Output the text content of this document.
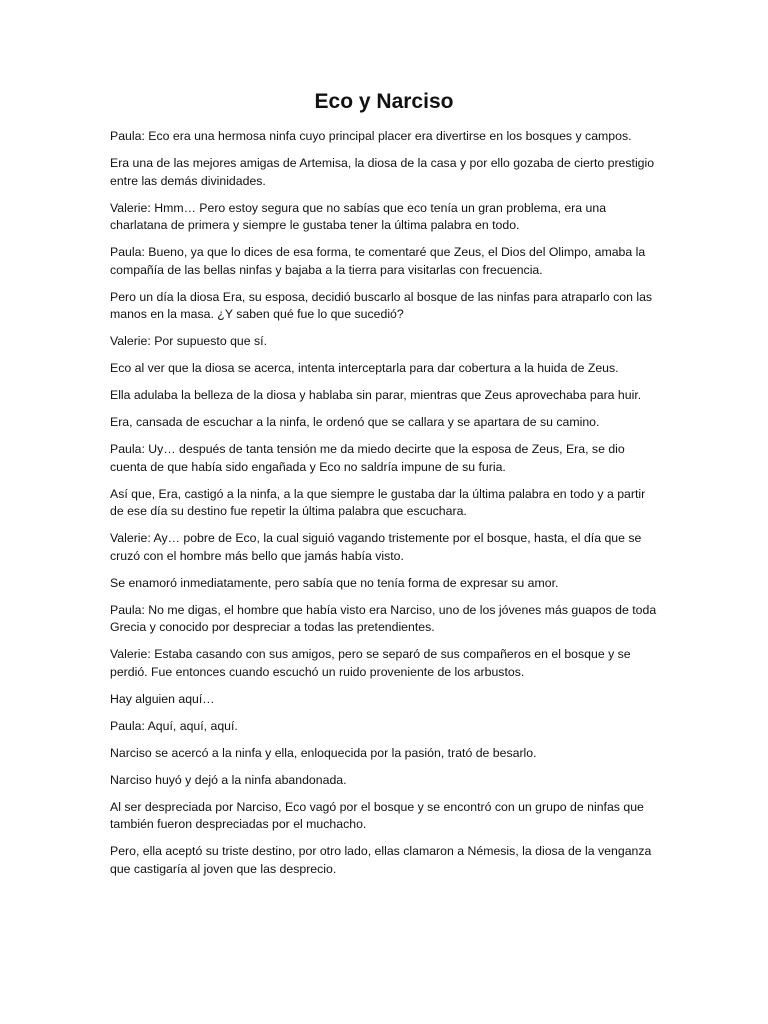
Eco y Narciso

Paula: Eco era una hermosa ninfa cuyo principal placer era divertirse en los bosques y campos.

Era una de las mejores amigas de Artemisa, la diosa de la casa y por ello gozaba de cierto prestigio entre las demás divinidades.

Valerie: Hmm… Pero estoy segura que no sabías que eco tenía un gran problema, era una charlatana de primera y siempre le gustaba tener la última palabra en todo.

Paula: Bueno, ya que lo dices de esa forma, te comentaré que Zeus, el Dios del Olimpo, amaba la compañía de las bellas ninfas y bajaba a la tierra para visitarlas con frecuencia.

Pero un día la diosa Era, su esposa, decidió buscarlo al bosque de las ninfas para atraparlo con las manos en la masa. ¿Y saben qué fue lo que sucedió?

Valerie: Por supuesto que sí.

Eco al ver que la diosa se acerca, intenta interceptarla para dar cobertura a la huida de Zeus.

Ella adulaba la belleza de la diosa y hablaba sin parar, mientras que Zeus aprovechaba para huir.

Era, cansada de escuchar a la ninfa, le ordenó que se callara y se apartara de su camino.

Paula: Uy… después de tanta tensión me da miedo decirte que la esposa de Zeus, Era, se dio cuenta de que había sido engañada y Eco no saldría impune de su furia.

Así que, Era, castigó a la ninfa, a la que siempre le gustaba dar la última palabra en todo y a partir de ese día su destino fue repetir la última palabra que escuchara.

Valerie: Ay… pobre de Eco, la cual siguió vagando tristemente por el bosque, hasta, el día que se cruzó con el hombre más bello que jamás había visto.

Se enamoró inmediatamente, pero sabía que no tenía forma de expresar su amor.

Paula: No me digas, el hombre que había visto era Narciso, uno de los jóvenes más guapos de toda Grecia y conocido por despreciar a todas las pretendientes.

Valerie: Estaba casando con sus amigos, pero se separó de sus compañeros en el bosque y se perdió. Fue entonces cuando escuchó un ruido proveniente de los arbustos.

Hay alguien aquí…

Paula: Aquí, aquí, aquí.

Narciso se acercó a la ninfa y ella, enloquecida por la pasión, trató de besarlo.

Narciso huyó y dejó a la ninfa abandonada.

Al ser despreciada por Narciso, Eco vagó por el bosque y se encontró con un grupo de ninfas que también fueron despreciadas por el muchacho.

Pero, ella aceptó su triste destino, por otro lado, ellas clamaron a Némesis, la diosa de la venganza que castigaría al joven que las desprecio.
